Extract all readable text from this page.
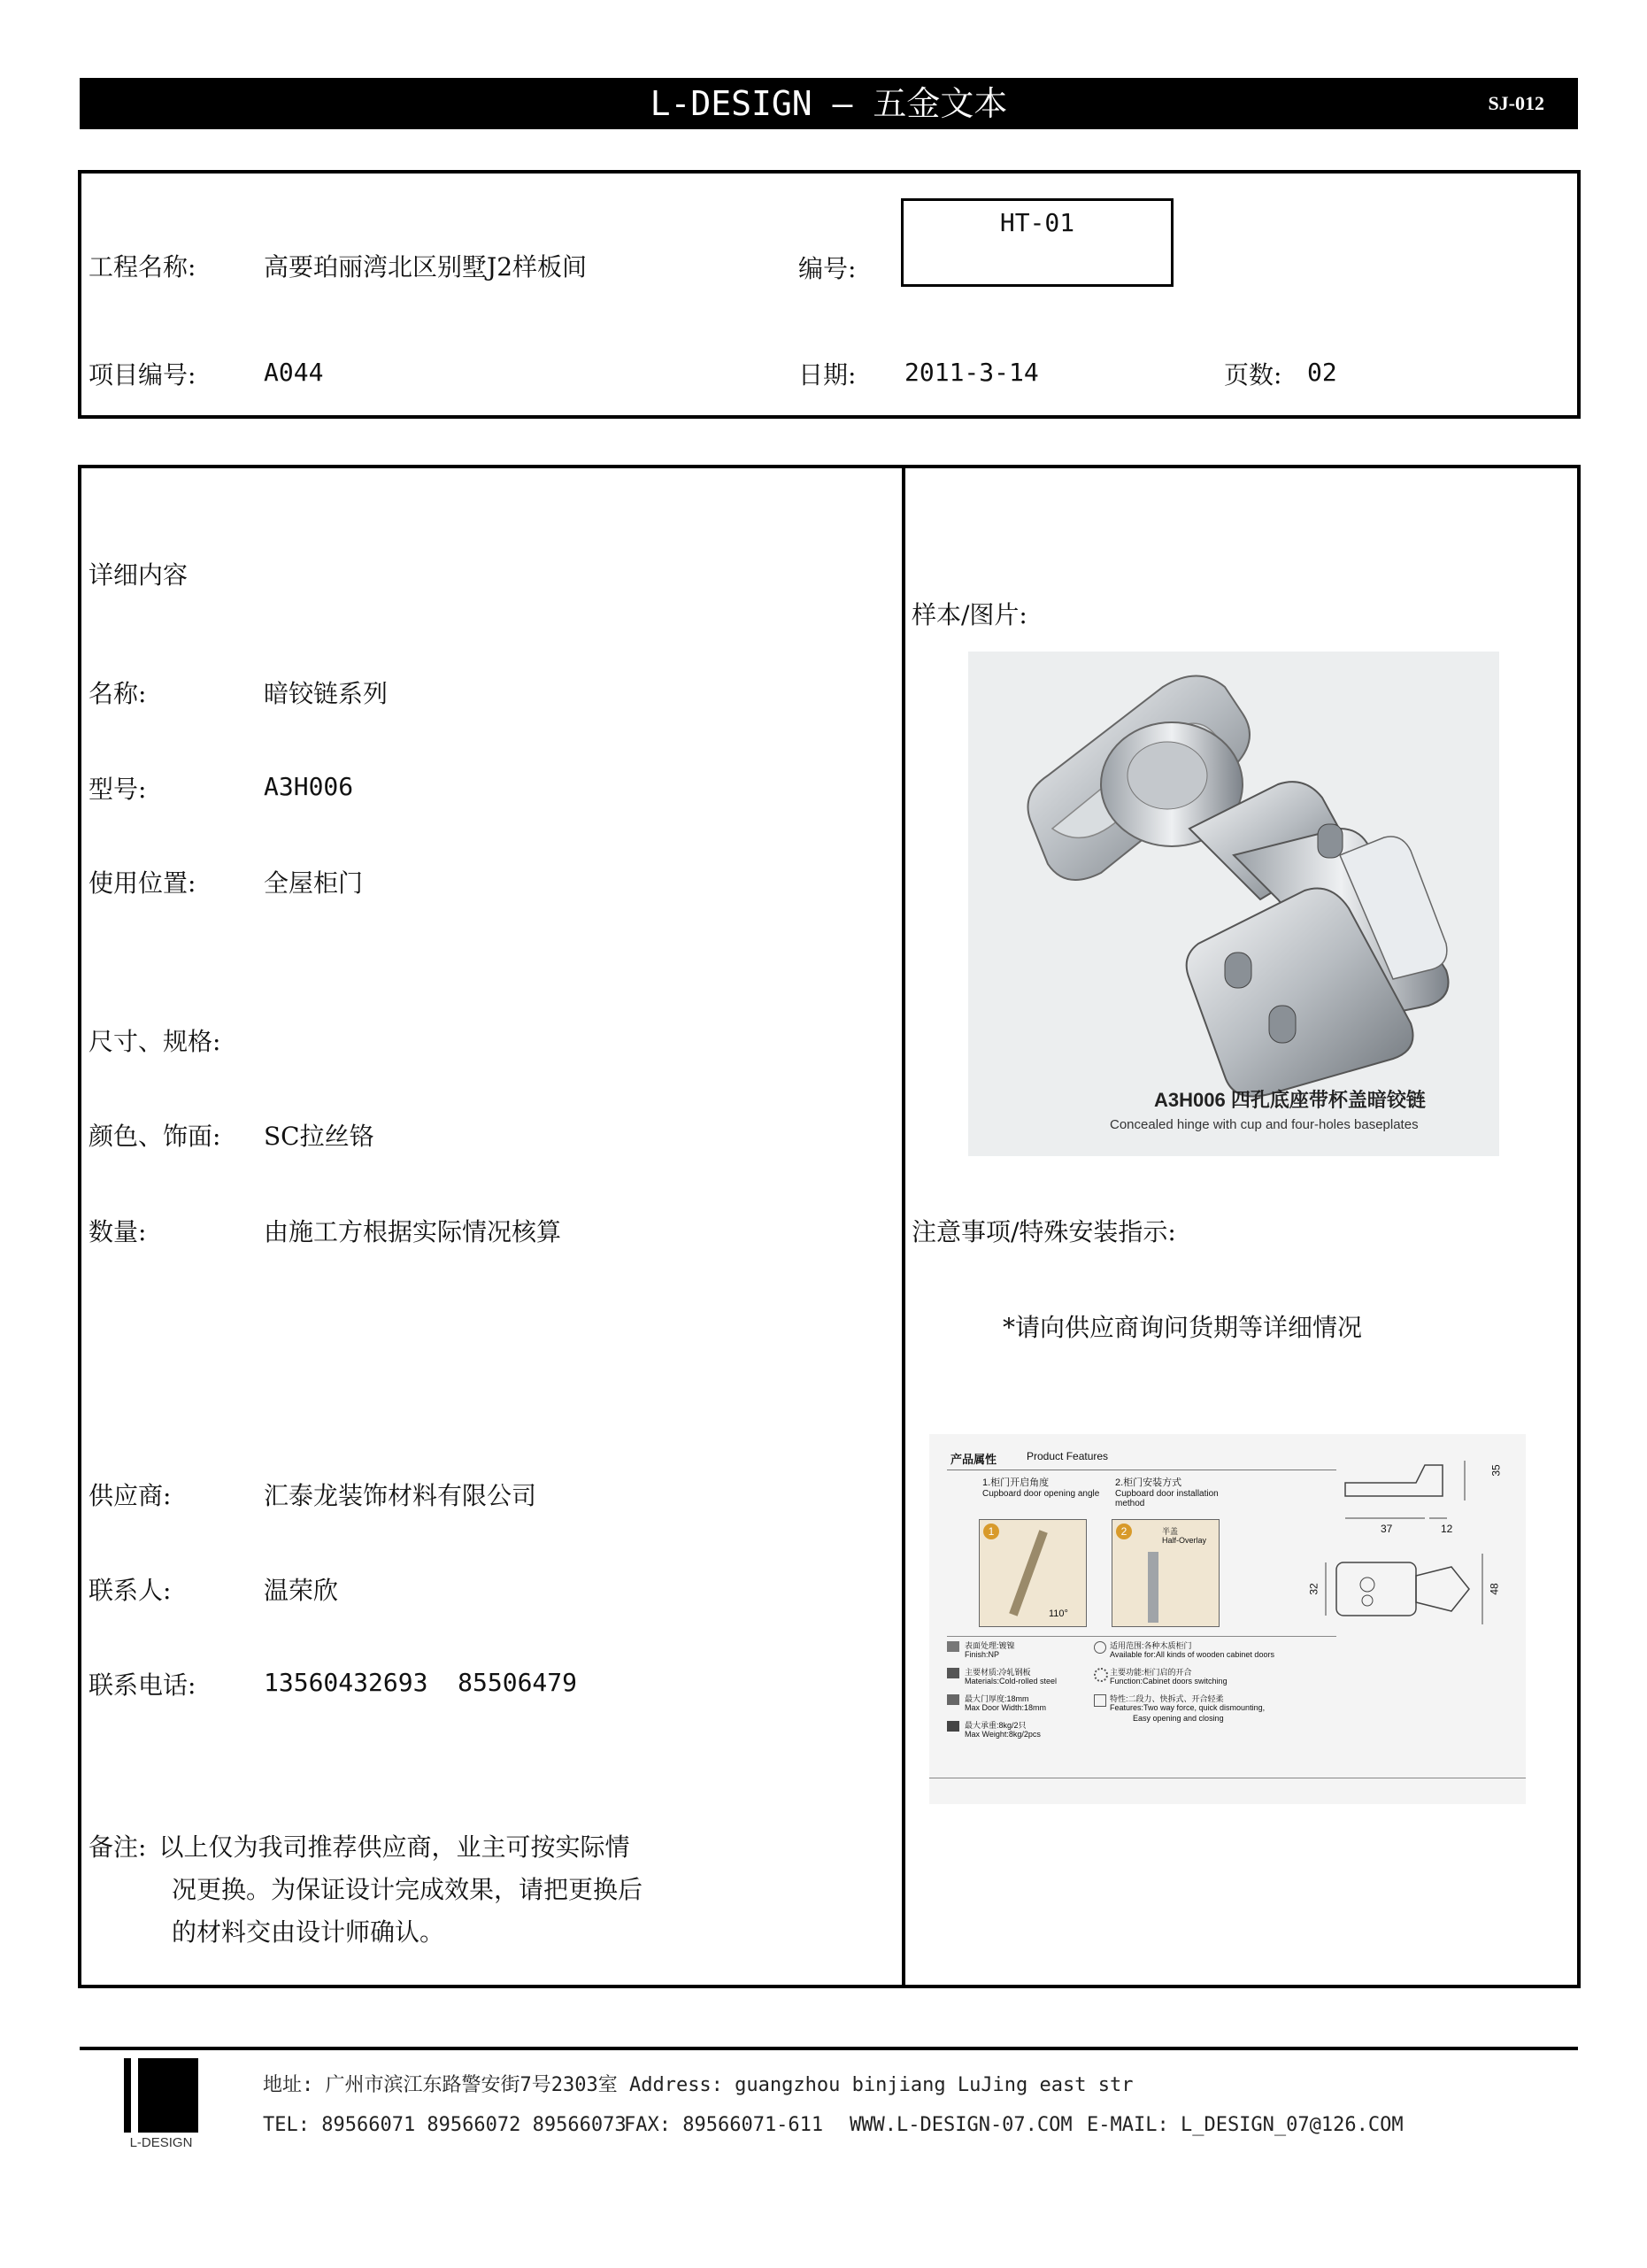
L-DESIGN — 五金文本	SJ-012
工程名称:	高要珀丽湾北区别墅J2样板间	编号:
HT-01
项目编号:	A044	日期: 2011-3-14	页数: 02
详细内容
名称:	暗铰链系列
型号:	A3H006
使用位置:	全屋柜门
尺寸、规格:
颜色、饰面: SC拉丝铬
数量:	由施工方根据实际情况核算
供应商:	汇泰龙装饰材料有限公司
联系人:	温荣欣
联系电话:	13560432693  85506479
备注: 以上仅为我司推荐供应商，业主可按实际情
况更换。为保证设计完成效果，请把更换后
的材料交由设计师确认。
样本/图片:
A3H006 四孔底座带杯盖暗铰链
Concealed hinge with cup and four-holes baseplates
注意事项/特殊安装指示:
*请向供应商询问货期等详细情况
产品属性	Product Features
1.柜门开启角度
Cupboard door opening angle
2.柜门安装方式
Cupboard door installation method
1
110°
2	半盖
Half-Overlay
35
37	12
32	48
表面处理:镀镍
Finish:NP
主要材质:冷轧钢板
Materials:Cold-rolled steel
最大门厚度:18mm
Max Door Width:18mm
最大承重:8kg/2只
Max Weight:8kg/2pcs
适用范围:各种木质柜门
Available for:All kinds of wooden cabinet doors
主要功能:柜门启的开合
Function:Cabinet doors switching
特性:二段力、快拆式、开合轻柔
Features:Two way force, quick dismounting,
Easy opening and closing
L-DESIGN
地址: 广州市滨江东路警安街7号2303室 Address: guangzhou binjiang LuJing east str
TEL: 89566071 89566072 89566073
FAX: 89566071-611 WWW.L-DESIGN-07.COM E-MAIL: L_DESIGN_07@126.COM
